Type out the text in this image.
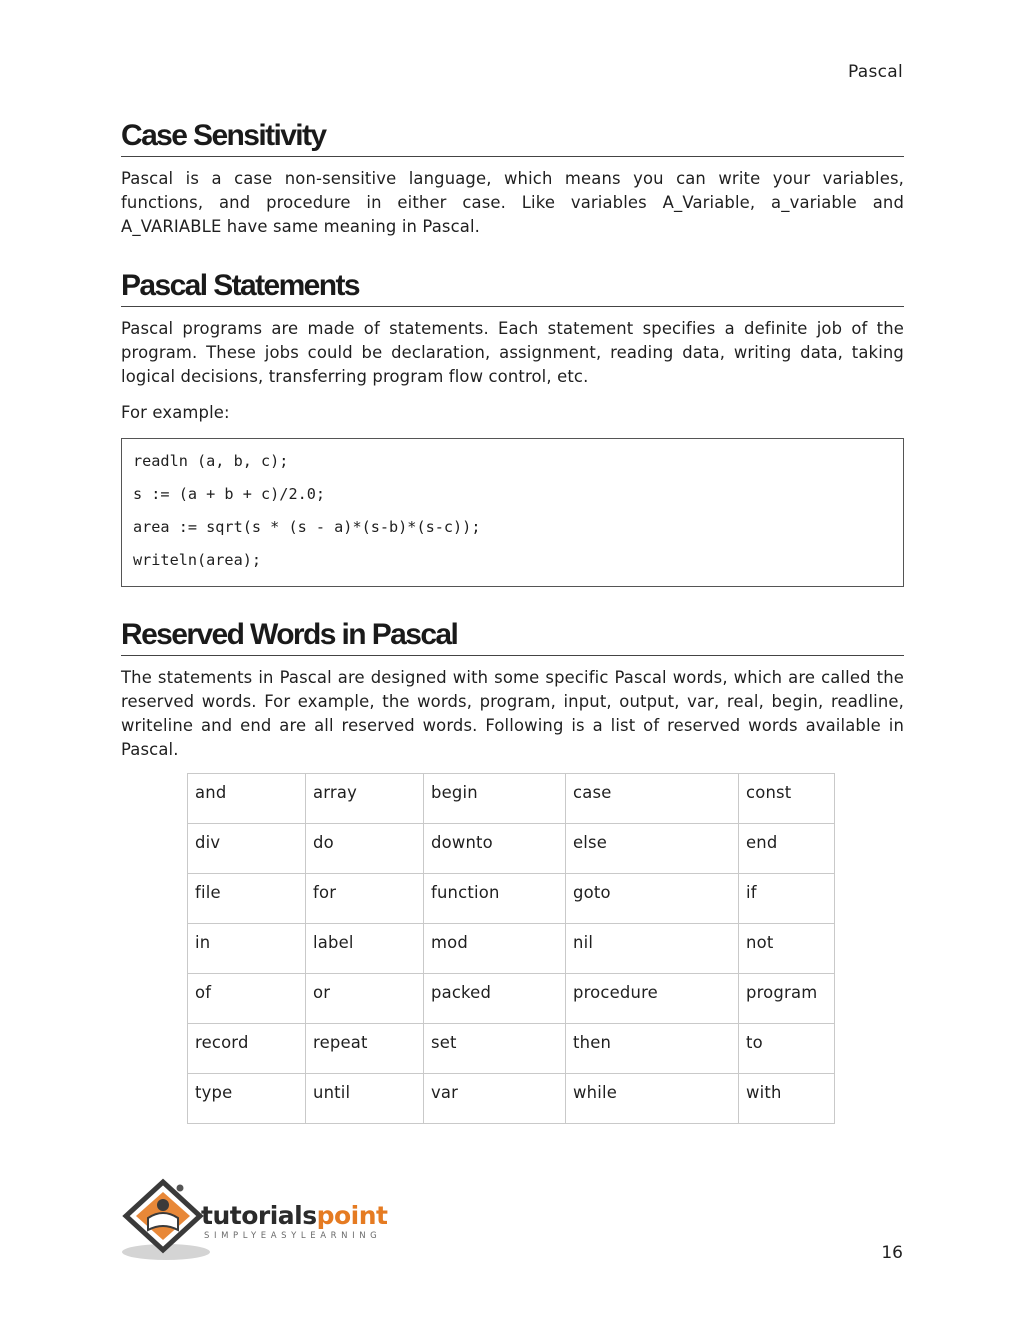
Pascal
Case Sensitivity

Pascal is a case non-sensitive language, which means you can write your variables, functions, and procedure in either case. Like variables A_Variable, a_variable and A_VARIABLE have same meaning in Pascal.

Pascal Statements

Pascal programs are made of statements. Each statement specifies a definite job of the program. These jobs could be declaration, assignment, reading data, writing data, taking logical decisions, transferring program flow control, etc.

For example:

readln (a, b, c);
s := (a + b + c)/2.0;
area := sqrt(s * (s - a)*(s-b)*(s-c));
writeln(area);
Reserved Words in Pascal

The statements in Pascal are designed with some specific Pascal words, which are called the reserved words. For example, the words, program, input, output, var, real, begin, readline, writeline and end are all reserved words. Following is a list of reserved words available in Pascal.

and	array	begin	case	const
div	do	downto	else	end
file	for	function	goto	if
in	label	mod	nil	not
of	or	packed	procedure	program
record	repeat	set	then	to
type	until	var	while	with
tutorialspoint
SIMPLYEASYLEARNING
16
